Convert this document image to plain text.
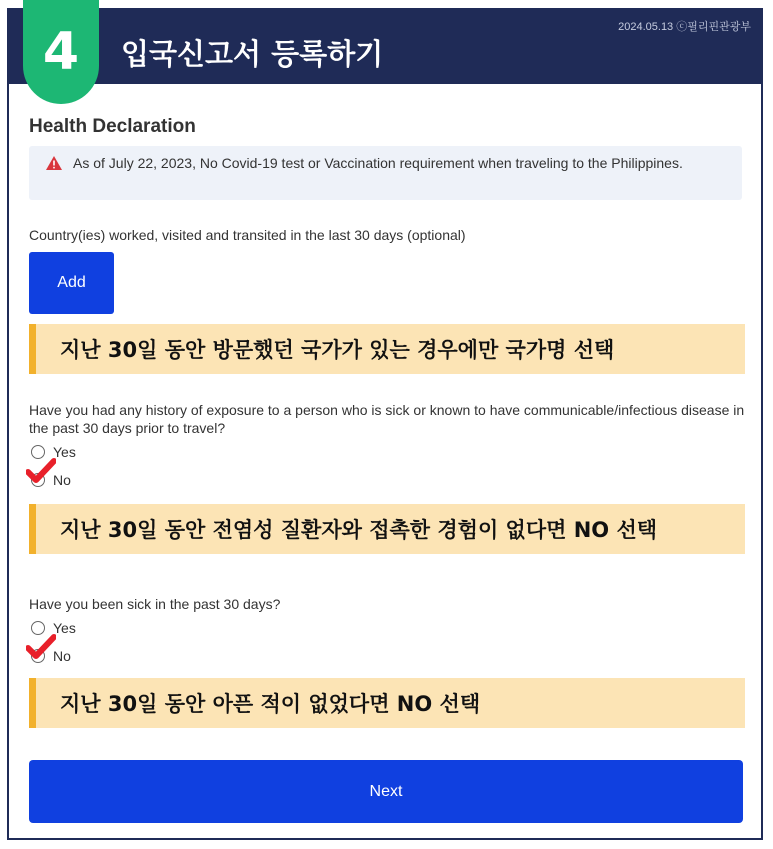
4	입국신고서 등록하기
2024.05.13 ⓒ필리핀관광부
Health Declaration
As of July 22, 2023, No Covid-19 test or Vaccination requirement when traveling to the Philippines.
Country(ies) worked, visited and transited in the last 30 days (optional)
Add
지난 30일 동안 방문했던 국가가 있는 경우에만 국가명 선택
Have you had any history of exposure to a person who is sick or known to have communicable/infectious disease in the past 30 days prior to travel?
Yes
No
지난 30일 동안 전염성 질환자와 접촉한 경험이 없다면 NO 선택
Have you been sick in the past 30 days?
Yes
No
지난 30일 동안 아픈 적이 없었다면 NO 선택
Next
